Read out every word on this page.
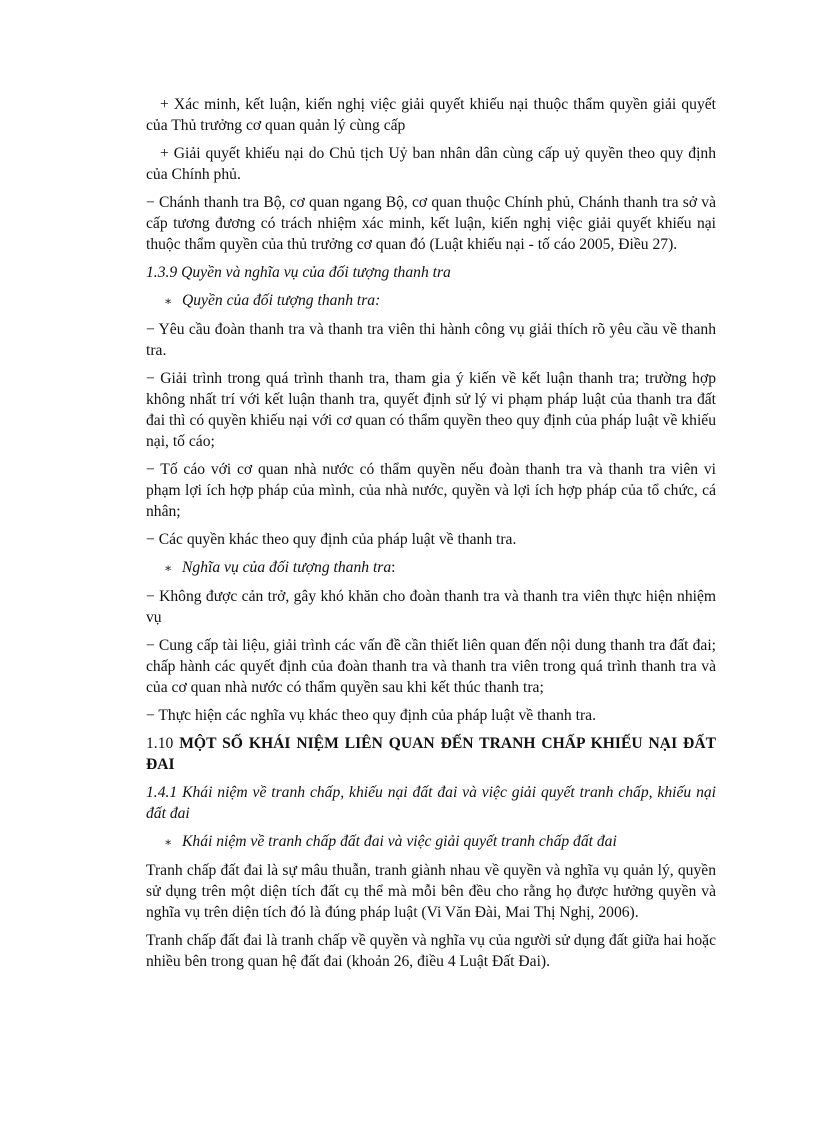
+ Xác minh, kết luận, kiến nghị việc giải quyết khiếu nại thuộc thẩm quyền giải quyết của Thủ trưởng cơ quan quản lý cùng cấp

+ Giải quyết khiếu nại do Chủ tịch Uỷ ban nhân dân cùng cấp uỷ quyền theo quy định của Chính phủ.

− Chánh thanh tra Bộ, cơ quan ngang Bộ, cơ quan thuộc Chính phủ, Chánh thanh tra sở và cấp tương đương có trách nhiệm xác minh, kết luận, kiến nghị việc giải quyết khiếu nại thuộc thẩm quyền của thủ trưởng cơ quan đó (Luật khiếu nại - tố cáo 2005, Điều 27).

1.3.9 Quyền và nghĩa vụ của đối tượng thanh tra

∗ Quyền của đối tượng thanh tra:

− Yêu cầu đoàn thanh tra và thanh tra viên thi hành công vụ giải thích rõ yêu cầu về thanh tra.

− Giải trình trong quá trình thanh tra, tham gia ý kiến về kết luận thanh tra; trường hợp không nhất trí với kết luận thanh tra, quyết định sử lý vi phạm pháp luật của thanh tra đất đai thì có quyền khiếu nại với cơ quan có thẩm quyền theo quy định của pháp luật về khiếu nại, tố cáo;

− Tố cáo với cơ quan nhà nước có thẩm quyền nếu đoàn thanh tra và thanh tra viên vi phạm lợi ích hợp pháp của mình, của nhà nước, quyền và lợi ích hợp pháp của tổ chức, cá nhân;

− Các quyền khác theo quy định của pháp luật về thanh tra.

∗ Nghĩa vụ của đối tượng thanh tra:

− Không được cản trở, gây khó khăn cho đoàn thanh tra và thanh tra viên thực hiện nhiệm vụ

− Cung cấp tài liệu, giải trình các vấn đề cần thiết liên quan đến nội dung thanh tra đất đai; chấp hành các quyết định của đoàn thanh tra và thanh tra viên trong quá trình thanh tra và của cơ quan nhà nước có thẩm quyền sau khi kết thúc thanh tra;

− Thực hiện các nghĩa vụ khác theo quy định của pháp luật về thanh tra.

1.10 MỘT SỐ KHÁI NIỆM LIÊN QUAN ĐẾN TRANH CHẤP KHIẾU NẠI ĐẤT ĐAI

1.4.1 Khái niệm về tranh chấp, khiếu nại đất đai và việc giải quyết tranh chấp, khiếu nại đất đai

∗ Khái niệm về tranh chấp đất đai và việc giải quyết tranh chấp đất đai

Tranh chấp đất đai là sự mâu thuẫn, tranh giành nhau về quyền và nghĩa vụ quản lý, quyền sử dụng trên một diện tích đất cụ thể mà mỗi bên đều cho rằng họ được hưởng quyền và nghĩa vụ trên diện tích đó là đúng pháp luật (Vi Văn Đài, Mai Thị Nghị, 2006).

Tranh chấp đất đai là tranh chấp về quyền và nghĩa vụ của người sử dụng đất giữa hai hoặc nhiều bên trong quan hệ đất đai (khoản 26, điều 4 Luật Đất Đai).
